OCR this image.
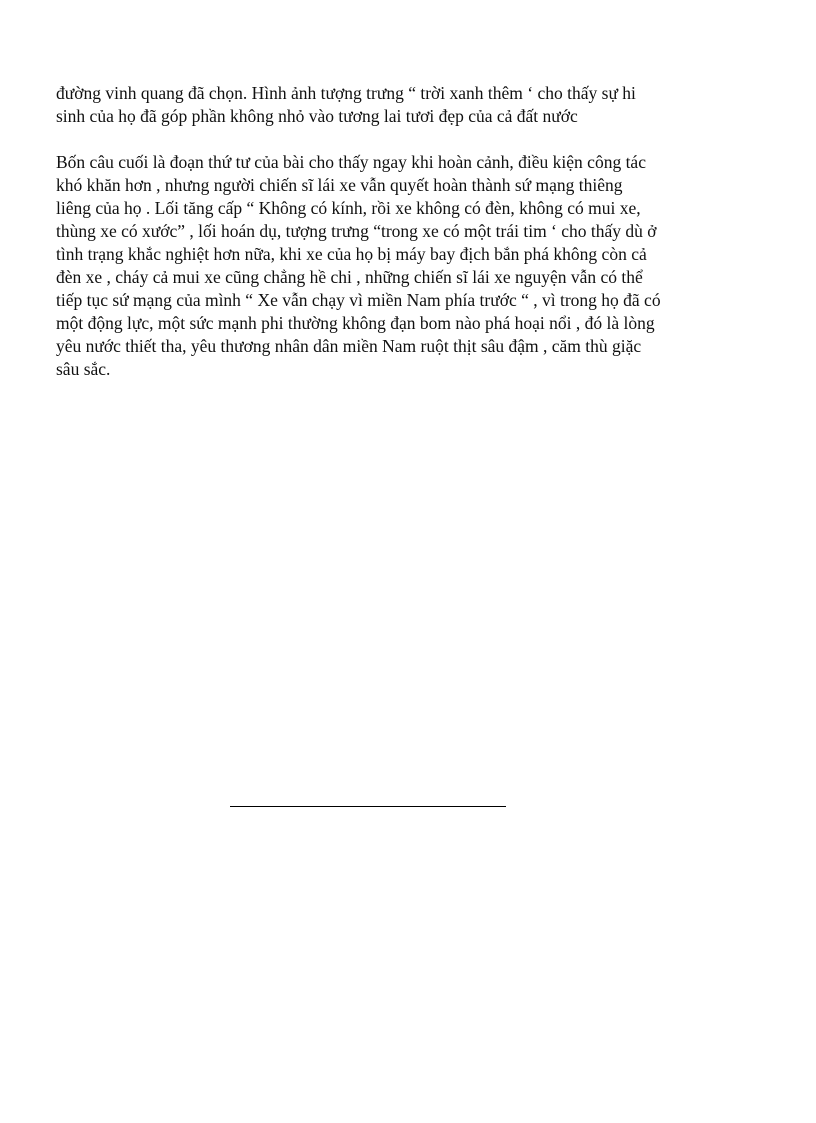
đường vinh quang đã chọn. Hình ảnh tượng trưng “ trời xanh thêm ‘ cho thấy sự hi
sinh của họ đã góp phần không nhỏ vào tương lai tươi đẹp của cả đất nước
Bốn câu cuối là đoạn thứ tư của bài cho thấy ngay khi hoàn cảnh, điều kiện công tác
khó khăn hơn , nhưng người chiến sĩ lái xe vẫn quyết hoàn thành sứ mạng thiêng
liêng của họ . Lối tăng cấp “ Không có kính, rồi xe không có đèn, không có mui xe,
thùng xe có xước” , lối hoán dụ, tượng trưng “trong xe có một trái tim ‘ cho thấy dù ở
tình trạng khắc nghiệt hơn nữa, khi xe của họ bị máy bay địch bắn phá không còn cả
đèn xe , cháy cả mui xe cũng chẳng hề chi , những chiến sĩ lái xe nguyện vẫn có thể
tiếp tục sứ mạng của mình “ Xe vẫn chạy vì miền Nam phía trước “ , vì trong họ đã có
một động lực, một sức mạnh phi thường không đạn bom nào phá hoại nổi , đó là lòng
yêu nước thiết tha, yêu thương nhân dân miền Nam ruột thịt sâu đậm , căm thù giặc
sâu sắc.
